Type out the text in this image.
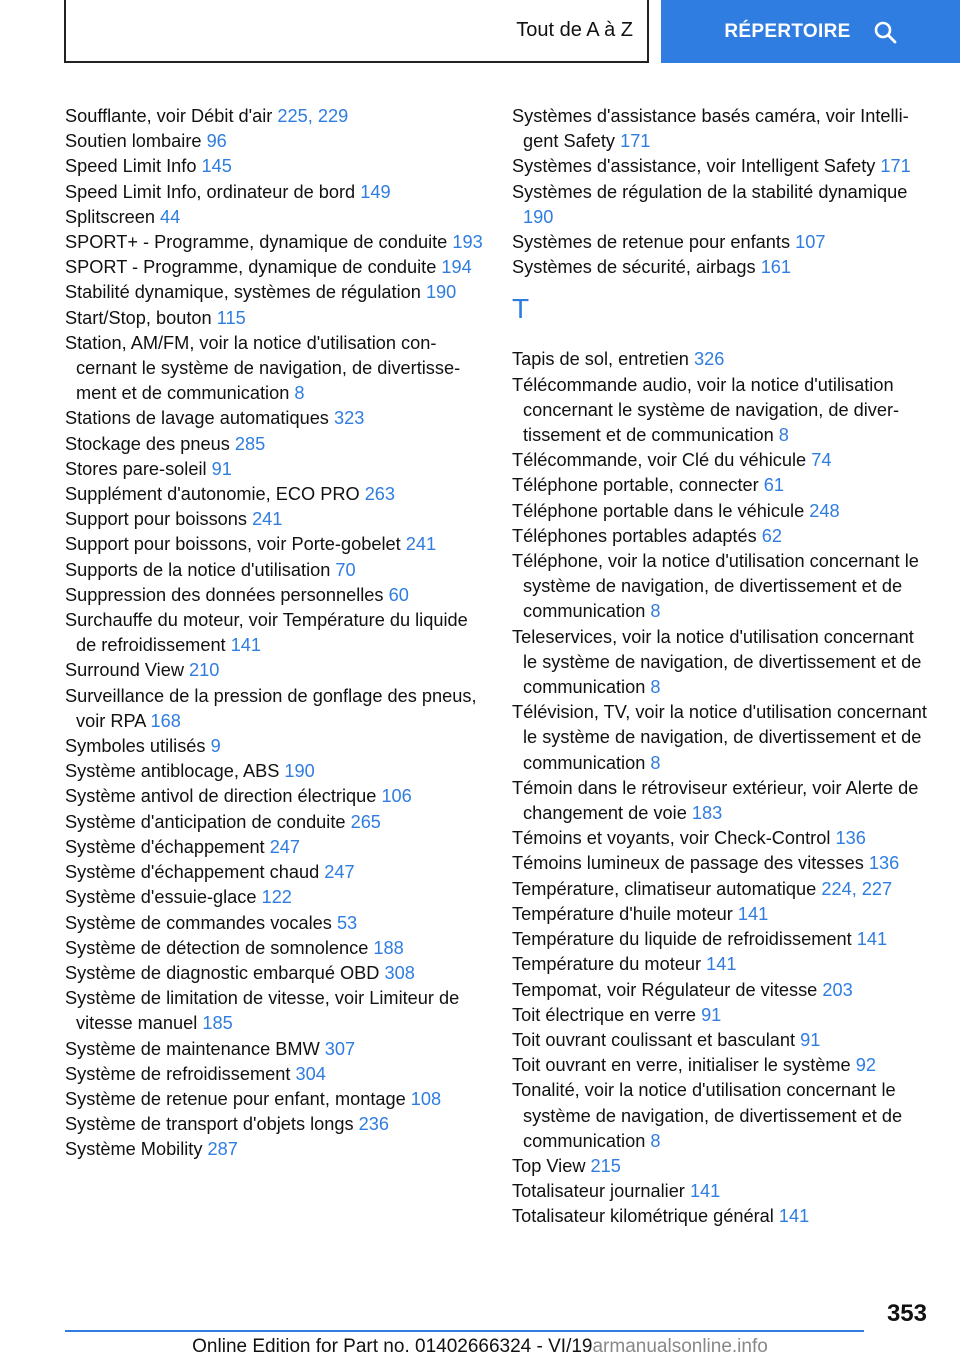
Tout de A à Z	RÉPERTOIRE
Soufflante, voir Débit d'air 225, 229
Soutien lombaire 96
Speed Limit Info 145
Speed Limit Info, ordinateur de bord 149
Splitscreen 44
SPORT+ - Programme, dynamique de conduite 193
SPORT - Programme, dynamique de conduite 194
Stabilité dynamique, systèmes de régulation 190
Start/Stop, bouton 115
Station, AM/FM, voir la notice d'utilisation concernant le système de navigation, de divertissement et de communication 8
Stations de lavage automatiques 323
Stockage des pneus 285
Stores pare-soleil 91
Supplément d'autonomie, ECO PRO 263
Support pour boissons 241
Support pour boissons, voir Porte-gobelet 241
Supports de la notice d'utilisation 70
Suppression des données personnelles 60
Surchauffe du moteur, voir Température du liquide de refroidissement 141
Surround View 210
Surveillance de la pression de gonflage des pneus, voir RPA 168
Symboles utilisés 9
Système antiblocage, ABS 190
Système antivol de direction électrique 106
Système d'anticipation de conduite 265
Système d'échappement 247
Système d'échappement chaud 247
Système d'essuie-glace 122
Système de commandes vocales 53
Système de détection de somnolence 188
Système de diagnostic embarqué OBD 308
Système de limitation de vitesse, voir Limiteur de vitesse manuel 185
Système de maintenance BMW 307
Système de refroidissement 304
Système de retenue pour enfant, montage 108
Système de transport d'objets longs 236
Système Mobility 287
Systèmes d'assistance basés caméra, voir Intelligent Safety 171
Systèmes d'assistance, voir Intelligent Safety 171
Systèmes de régulation de la stabilité dynamique 190
Systèmes de retenue pour enfants 107
Systèmes de sécurité, airbags 161
T
Tapis de sol, entretien 326
Télécommande audio, voir la notice d'utilisation concernant le système de navigation, de divertissement et de communication 8
Télécommande, voir Clé du véhicule 74
Téléphone portable, connecter 61
Téléphone portable dans le véhicule 248
Téléphones portables adaptés 62
Téléphone, voir la notice d'utilisation concernant le système de navigation, de divertissement et de communication 8
Teleservices, voir la notice d'utilisation concernant le système de navigation, de divertissement et de communication 8
Télévision, TV, voir la notice d'utilisation concernant le système de navigation, de divertissement et de communication 8
Témoin dans le rétroviseur extérieur, voir Alerte de changement de voie 183
Témoins et voyants, voir Check-Control 136
Témoins lumineux de passage des vitesses 136
Température, climatiseur automatique 224, 227
Température d'huile moteur 141
Température du liquide de refroidissement 141
Température du moteur 141
Tempomat, voir Régulateur de vitesse 203
Toit électrique en verre 91
Toit ouvrant coulissant et basculant 91
Toit ouvrant en verre, initialiser le système 92
Tonalité, voir la notice d'utilisation concernant le système de navigation, de divertissement et de communication 8
Top View 215
Totalisateur journalier 141
Totalisateur kilométrique général 141
353
Online Edition for Part no. 01402666324 - VI/19armanualsonline.info
